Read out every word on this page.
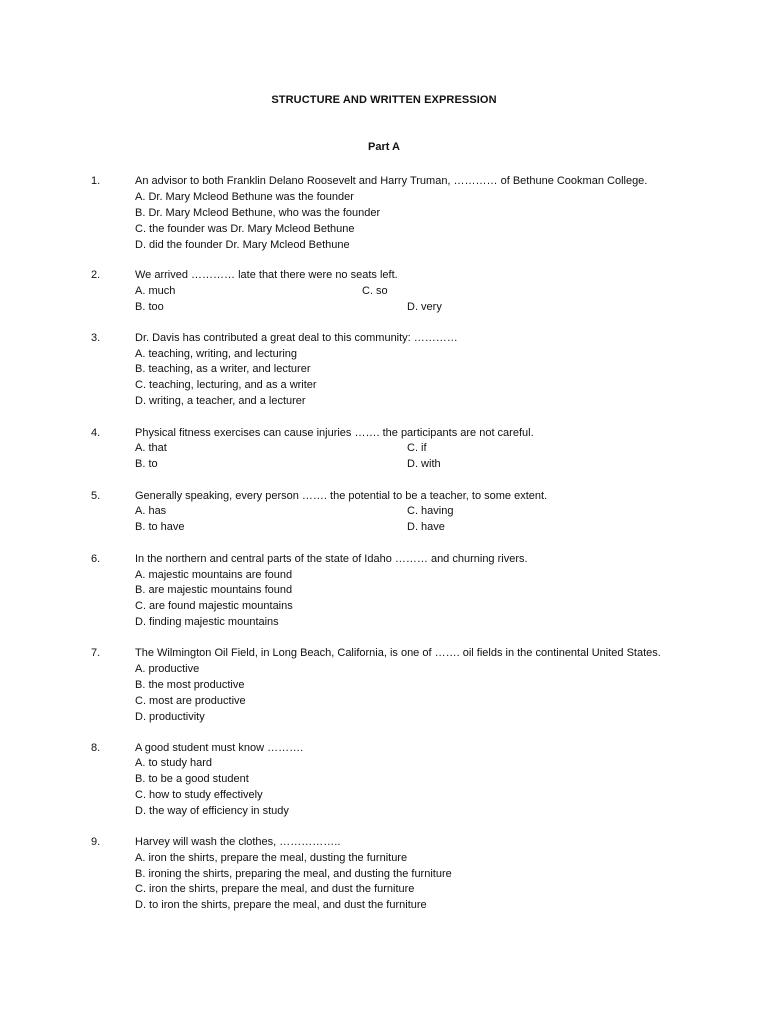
STRUCTURE AND WRITTEN EXPRESSION
Part A
1.	An advisor to both Franklin Delano Roosevelt and Harry Truman, ………… of Bethune Cookman College.
A. Dr. Mary Mcleod Bethune was the founder
B. Dr. Mary Mcleod Bethune, who was the founder
C. the founder was Dr. Mary Mcleod Bethune
D. did the founder Dr. Mary Mcleod Bethune
2.	We arrived ………… late that there were no seats left.
A. much	C. so
B. too	D. very
3.	Dr. Davis has contributed a great deal to this community: …………
A. teaching, writing, and lecturing
B. teaching, as a writer, and lecturer
C. teaching, lecturing, and as a writer
D. writing, a teacher, and a lecturer
4.	Physical fitness exercises can cause injuries ……. the participants are not careful.
A. that	C. if
B. to	D. with
5.	Generally speaking, every person ……. the potential to be a teacher, to some extent.
A. has	C. having
B. to have	D. have
6.	In the northern and central parts of the state of Idaho ……… and churning rivers.
A. majestic mountains are found
B. are majestic mountains found
C. are found majestic mountains
D. finding majestic mountains
7.	The Wilmington Oil Field, in Long Beach, California, is one of ……. oil fields in the continental United States.
A. productive
B. the most productive
C. most are productive
D. productivity
8.	A good student must know ……….
A. to study hard
B. to be a good student
C. how to study effectively
D. the way of efficiency in study
9.	Harvey will wash the clothes, ……………..
A. iron the shirts, prepare the meal, dusting the furniture
B. ironing the shirts, preparing the meal, and dusting the furniture
C. iron the shirts, prepare the meal, and dust the furniture
D. to iron the shirts, prepare the meal, and dust the furniture
